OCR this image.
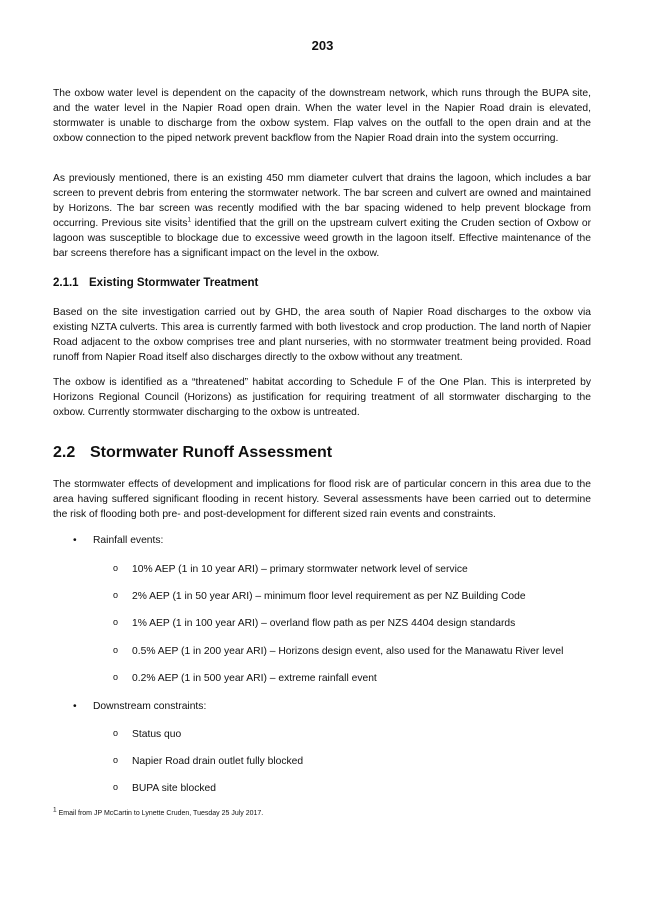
203

The oxbow water level is dependent on the capacity of the downstream network, which runs through the BUPA site, and the water level in the Napier Road open drain. When the water level in the Napier Road drain is elevated, stormwater is unable to discharge from the oxbow system. Flap valves on the outfall to the open drain and at the oxbow connection to the piped network prevent backflow from the Napier Road drain into the system occurring.

As previously mentioned, there is an existing 450 mm diameter culvert that drains the lagoon, which includes a bar screen to prevent debris from entering the stormwater network. The bar screen and culvert are owned and maintained by Horizons. The bar screen was recently modified with the bar spacing widened to help prevent blockage from occurring. Previous site visits$^1$ identified that the grill on the upstream culvert exiting the Cruden section of Oxbow or lagoon was susceptible to blockage due to excessive weed growth in the lagoon itself. Effective maintenance of the bar screens therefore has a significant impact on the level in the oxbow.

2.1.1 Existing Stormwater Treatment

Based on the site investigation carried out by GHD, the area south of Napier Road discharges to the oxbow via existing NZTA culverts. This area is currently farmed with both livestock and crop production. The land north of Napier Road adjacent to the oxbow comprises tree and plant nurseries, with no stormwater treatment being provided. Road runoff from Napier Road itself also discharges directly to the oxbow without any treatment.

The oxbow is identified as a “threatened” habitat according to Schedule F of the One Plan. This is interpreted by Horizons Regional Council (Horizons) as justification for requiring treatment of all stormwater discharging to the oxbow. Currently stormwater discharging to the oxbow is untreated.

2.2 Stormwater Runoff Assessment

The stormwater effects of development and implications for flood risk are of particular concern in this area due to the area having suffered significant flooding in recent history. Several assessments have been carried out to determine the risk of flooding both pre- and post-development for different sized rain events and constraints.

• Rainfall events:
o 10% AEP (1 in 10 year ARI) – primary stormwater network level of service
o 2% AEP (1 in 50 year ARI) – minimum floor level requirement as per NZ Building Code
o 1% AEP (1 in 100 year ARI) – overland flow path as per NZS 4404 design standards
o 0.5% AEP (1 in 200 year ARI) – Horizons design event, also used for the Manawatu River level
o 0.2% AEP (1 in 500 year ARI) – extreme rainfall event
• Downstream constraints:
o Status quo
o Napier Road drain outlet fully blocked
o BUPA site blocked
$^1$ Email from JP McCartin to Lynette Cruden, Tuesday 25 July 2017.
